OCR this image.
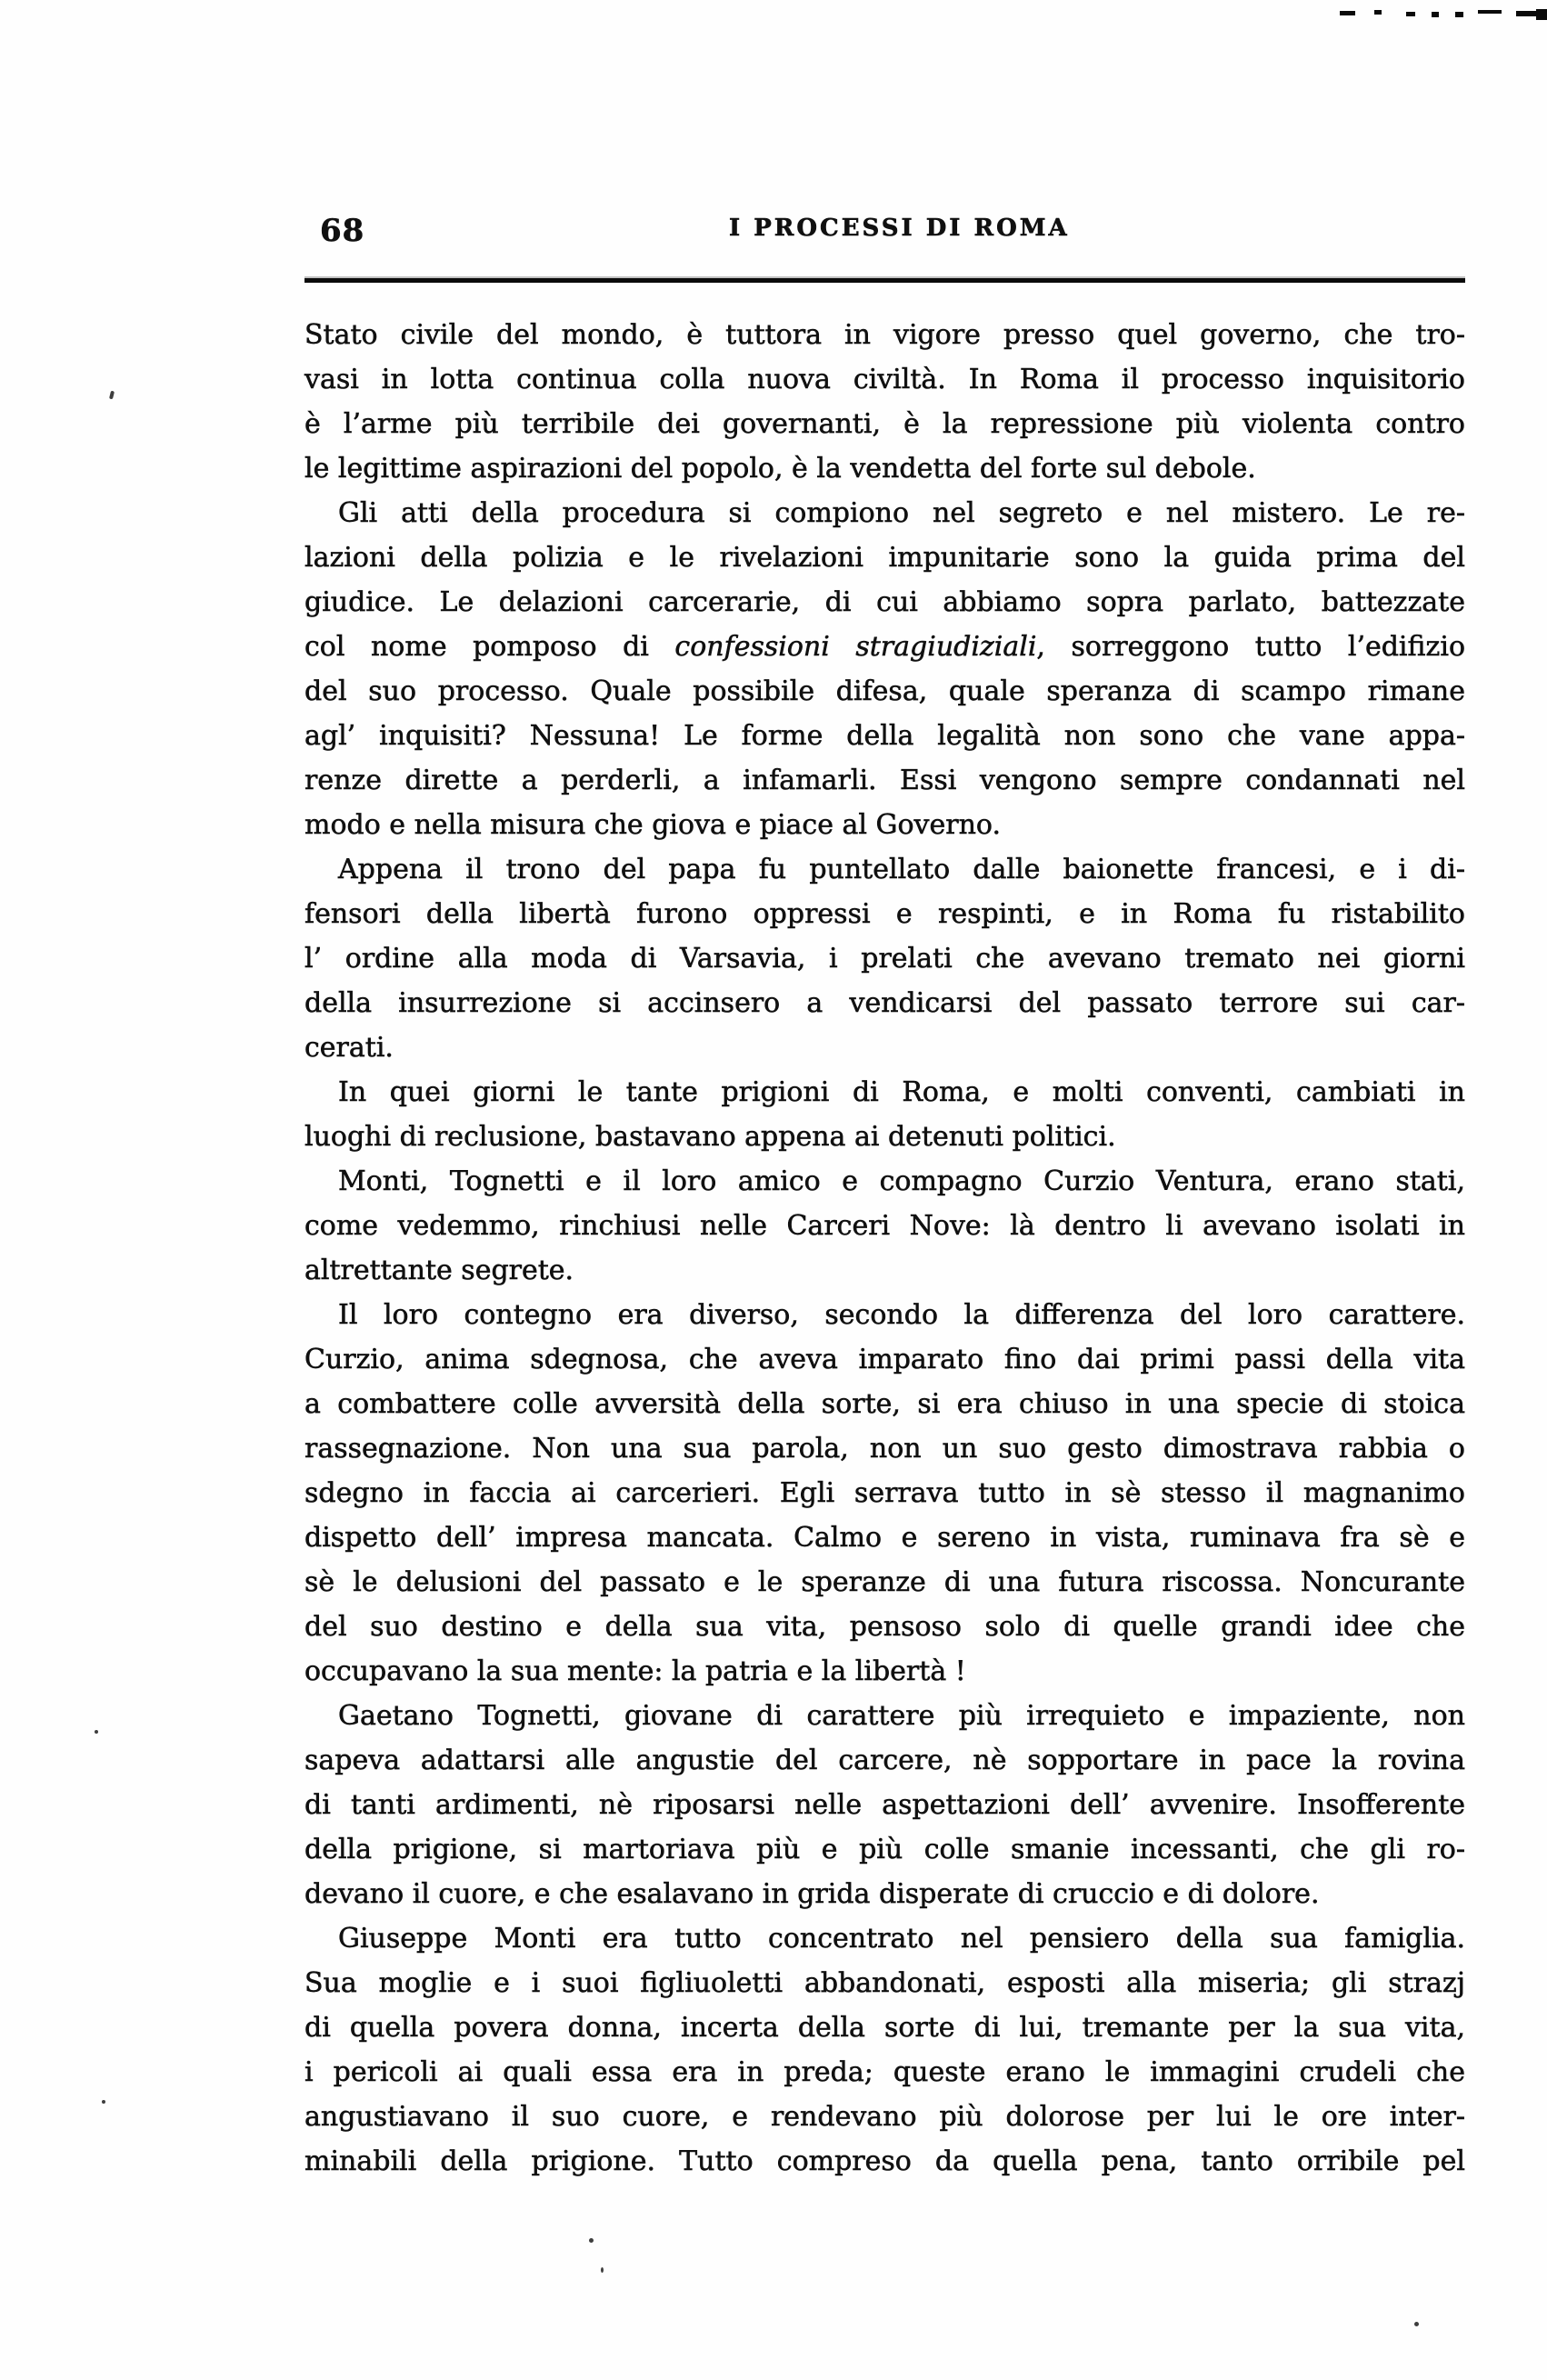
68	I PROCESSI DI ROMA

Stato civile del mondo, è tuttora in vigore presso quel governo, che tro-
vasi in lotta continua colla nuova civiltà. In Roma il processo inquisitorio
è l’arme più terribile dei governanti, è la repressione più violenta contro
le legittime aspirazioni del popolo, è la vendetta del forte sul debole.

Gli atti della procedura si compiono nel segreto e nel mistero. Le re-
lazioni della polizia e le rivelazioni impunitarie sono la guida prima del
giudice. Le delazioni carcerarie, di cui abbiamo sopra parlato, battezzate
col nome pomposo di confessioni stragiudiziali, sorreggono tutto l’edifizio
del suo processo. Quale possibile difesa, quale speranza di scampo rimane
agl’ inquisiti? Nessuna! Le forme della legalità non sono che vane appa-
renze dirette a perderli, a infamarli. Essi vengono sempre condannati nel
modo e nella misura che giova e piace al Governo.

Appena il trono del papa fu puntellato dalle baionette francesi, e i di-
fensori della libertà furono oppressi e respinti, e in Roma fu ristabilito
l’ ordine alla moda di Varsavia, i prelati che avevano tremato nei giorni
della insurrezione si accinsero a vendicarsi del passato terrore sui car-
cerati.

In quei giorni le tante prigioni di Roma, e molti conventi, cambiati in
luoghi di reclusione, bastavano appena ai detenuti politici.

Monti, Tognetti e il loro amico e compagno Curzio Ventura, erano stati,
come vedemmo, rinchiusi nelle Carceri Nove: là dentro li avevano isolati in
altrettante segrete.

Il loro contegno era diverso, secondo la differenza del loro carattere.
Curzio, anima sdegnosa, che aveva imparato fino dai primi passi della vita
a combattere colle avversità della sorte, si era chiuso in una specie di stoica
rassegnazione. Non una sua parola, non un suo gesto dimostrava rabbia o
sdegno in faccia ai carcerieri. Egli serrava tutto in sè stesso il magnanimo
dispetto dell’ impresa mancata. Calmo e sereno in vista, ruminava fra sè e
sè le delusioni del passato e le speranze di una futura riscossa. Noncurante
del suo destino e della sua vita, pensoso solo di quelle grandi idee che
occupavano la sua mente: la patria e la libertà !

Gaetano Tognetti, giovane di carattere più irrequieto e impaziente, non
sapeva adattarsi alle angustie del carcere, nè sopportare in pace la rovina
di tanti ardimenti, nè riposarsi nelle aspettazioni dell’ avvenire. Insofferente
della prigione, si martoriava più e più colle smanie incessanti, che gli ro-
devano il cuore, e che esalavano in grida disperate di cruccio e di dolore.

Giuseppe Monti era tutto concentrato nel pensiero della sua famiglia.
Sua moglie e i suoi figliuoletti abbandonati, esposti alla miseria; gli strazj
di quella povera donna, incerta della sorte di lui, tremante per la sua vita,
i pericoli ai quali essa era in preda; queste erano le immagini crudeli che
angustiavano il suo cuore, e rendevano più dolorose per lui le ore inter-
minabili della prigione. Tutto compreso da quella pena, tanto orribile pel
